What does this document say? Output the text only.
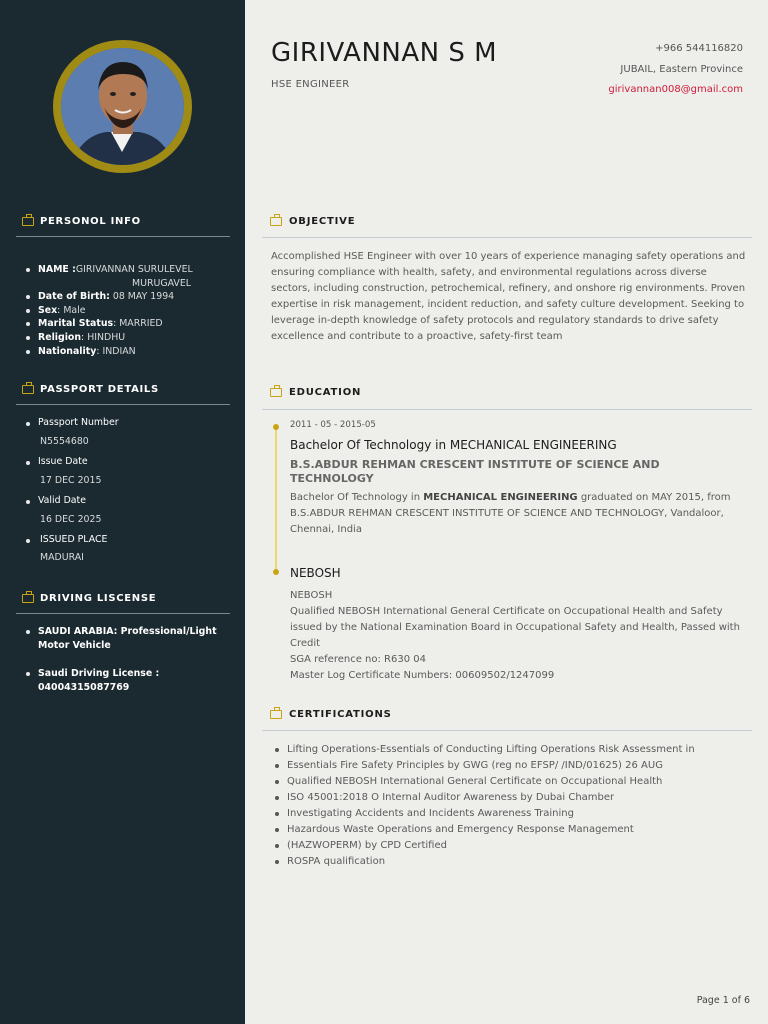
PERSONOL INFO
NAME :GIRIVANNAN SURULEVEL
MURUGAVEL
Date of Birth: 08 MAY 1994
Sex: Male
Marital Status: MARRIED
Religion: HINDHU
Nationality: INDIAN
PASSPORT DETAILS
Passport Number
N5554680
Issue Date
17 DEC 2015
Valid Date
16 DEC 2025
ISSUED PLACE
MADURAI
DRIVING LISCENSE
SAUDI ARABIA: Professional/Light Motor Vehicle
Saudi Driving License : 04004315087769
GIRIVANNAN S M
HSE ENGINEER
+966 544116820
JUBAIL, Eastern Province
girivannan008@gmail.com
OBJECTIVE
Accomplished HSE Engineer with over 10 years of experience managing safety operations and ensuring compliance with health, safety, and environmental regulations across diverse sectors, including construction, petrochemical, refinery, and onshore rig environments. Proven expertise in risk management, incident reduction, and safety culture development. Seeking to leverage in-depth knowledge of safety protocols and regulatory standards to drive safety excellence and contribute to a proactive, safety-first team
EDUCATION
2011 - 05 - 2015-05
Bachelor Of Technology in MECHANICAL ENGINEERING
B.S.ABDUR REHMAN CRESCENT INSTITUTE OF SCIENCE AND TECHNOLOGY
Bachelor Of Technology in MECHANICAL ENGINEERING graduated on MAY 2015, from B.S.ABDUR REHMAN CRESCENT INSTITUTE OF SCIENCE AND TECHNOLOGY, Vandaloor, Chennai, India
NEBOSH
NEBOSH
Qualified NEBOSH International General Certificate on Occupational Health and Safety issued by the National Examination Board in Occupational Safety and Health, Passed with Credit
SGA reference no: R630 04
Master Log Certificate Numbers: 00609502/1247099
CERTIFICATIONS
Lifting Operations-Essentials of Conducting Lifting Operations Risk Assessment in
Essentials Fire Safety Principles by GWG (reg no EFSP/ /IND/01625) 26 AUG
Qualified NEBOSH International General Certificate on Occupational Health
ISO 45001:2018 O Internal Auditor Awareness by Dubai Chamber
Investigating Accidents and Incidents Awareness Training
Hazardous Waste Operations and Emergency Response Management
(HAZWOPERM) by CPD Certified
ROSPA qualification
Page 1 of 6
